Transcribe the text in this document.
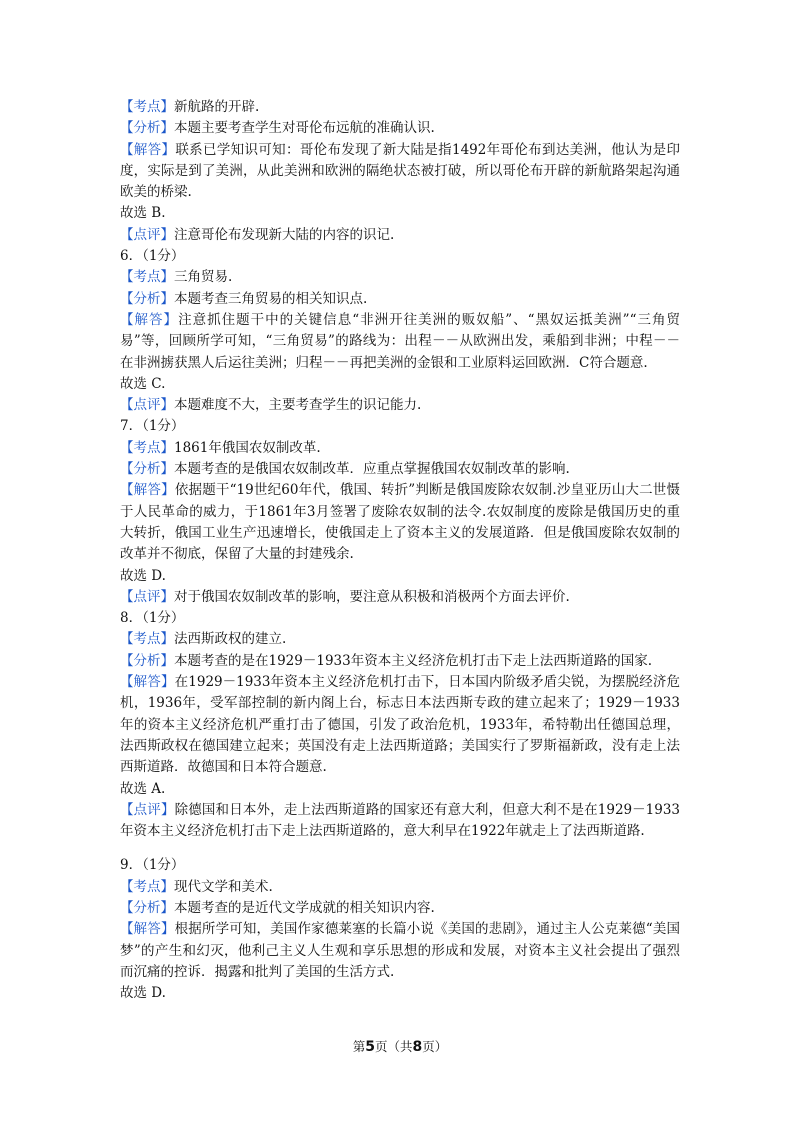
【考点】新航路的开辟.

【分析】本题主要考查学生对哥伦布远航的准确认识.

【解答】联系已学知识可知：哥伦布发现了新大陆是指1492年哥伦布到达美洲，他认为是印度，实际是到了美洲，从此美洲和欧洲的隔绝状态被打破，所以哥伦布开辟的新航路架起沟通欧美的桥梁.

故选 B.

【点评】注意哥伦布发现新大陆的内容的识记.

6．（1分）

【考点】三角贸易.

【分析】本题考查三角贸易的相关知识点.

【解答】注意抓住题干中的关键信息“非洲开往美洲的贩奴船”、“黑奴运抵美洲”“三角贸易”等，回顾所学可知，“三角贸易”的路线为：出程－－从欧洲出发，乘船到非洲；中程－－在非洲掳获黑人后运往美洲；归程－－再把美洲的金银和工业原料运回欧洲．C符合题意.

故选 C.

【点评】本题难度不大，主要考查学生的识记能力.

7．（1分）

【考点】1861年俄国农奴制改革.

【分析】本题考查的是俄国农奴制改革．应重点掌握俄国农奴制改革的影响.

【解答】依据题干“19世纪60年代，俄国、转折”判断是俄国废除农奴制.沙皇亚历山大二世慑于人民革命的威力，于1861年3月签署了废除农奴制的法令.农奴制度的废除是俄国历史的重大转折，俄国工业生产迅速增长，使俄国走上了资本主义的发展道路．但是俄国废除农奴制的改革并不彻底，保留了大量的封建残余.

故选 D.

【点评】对于俄国农奴制改革的影响，要注意从积极和消极两个方面去评价.

8．（1分）

【考点】法西斯政权的建立.

【分析】本题考查的是在1929－1933年资本主义经济危机打击下走上法西斯道路的国家.

【解答】在1929－1933年资本主义经济危机打击下，日本国内阶级矛盾尖锐，为摆脱经济危机，1936年，受军部控制的新内阁上台，标志日本法西斯专政的建立起来了；1929－1933年的资本主义经济危机严重打击了德国，引发了政治危机，1933年，希特勒出任德国总理，法西斯政权在德国建立起来；英国没有走上法西斯道路；美国实行了罗斯福新政，没有走上法西斯道路．故德国和日本符合题意.

故选 A.

【点评】除德国和日本外，走上法西斯道路的国家还有意大利，但意大利不是在1929－1933年资本主义经济危机打击下走上法西斯道路的，意大利早在1922年就走上了法西斯道路.

9．（1分）

【考点】现代文学和美术.

【分析】本题考查的是近代文学成就的相关知识内容.

【解答】根据所学可知，美国作家德莱塞的长篇小说《美国的悲剧》，通过主人公克莱德“美国梦”的产生和幻灭，他利己主义人生观和享乐思想的形成和发展，对资本主义社会提出了强烈而沉痛的控诉．揭露和批判了美国的生活方式.

故选 D.

第5页（共8页）
